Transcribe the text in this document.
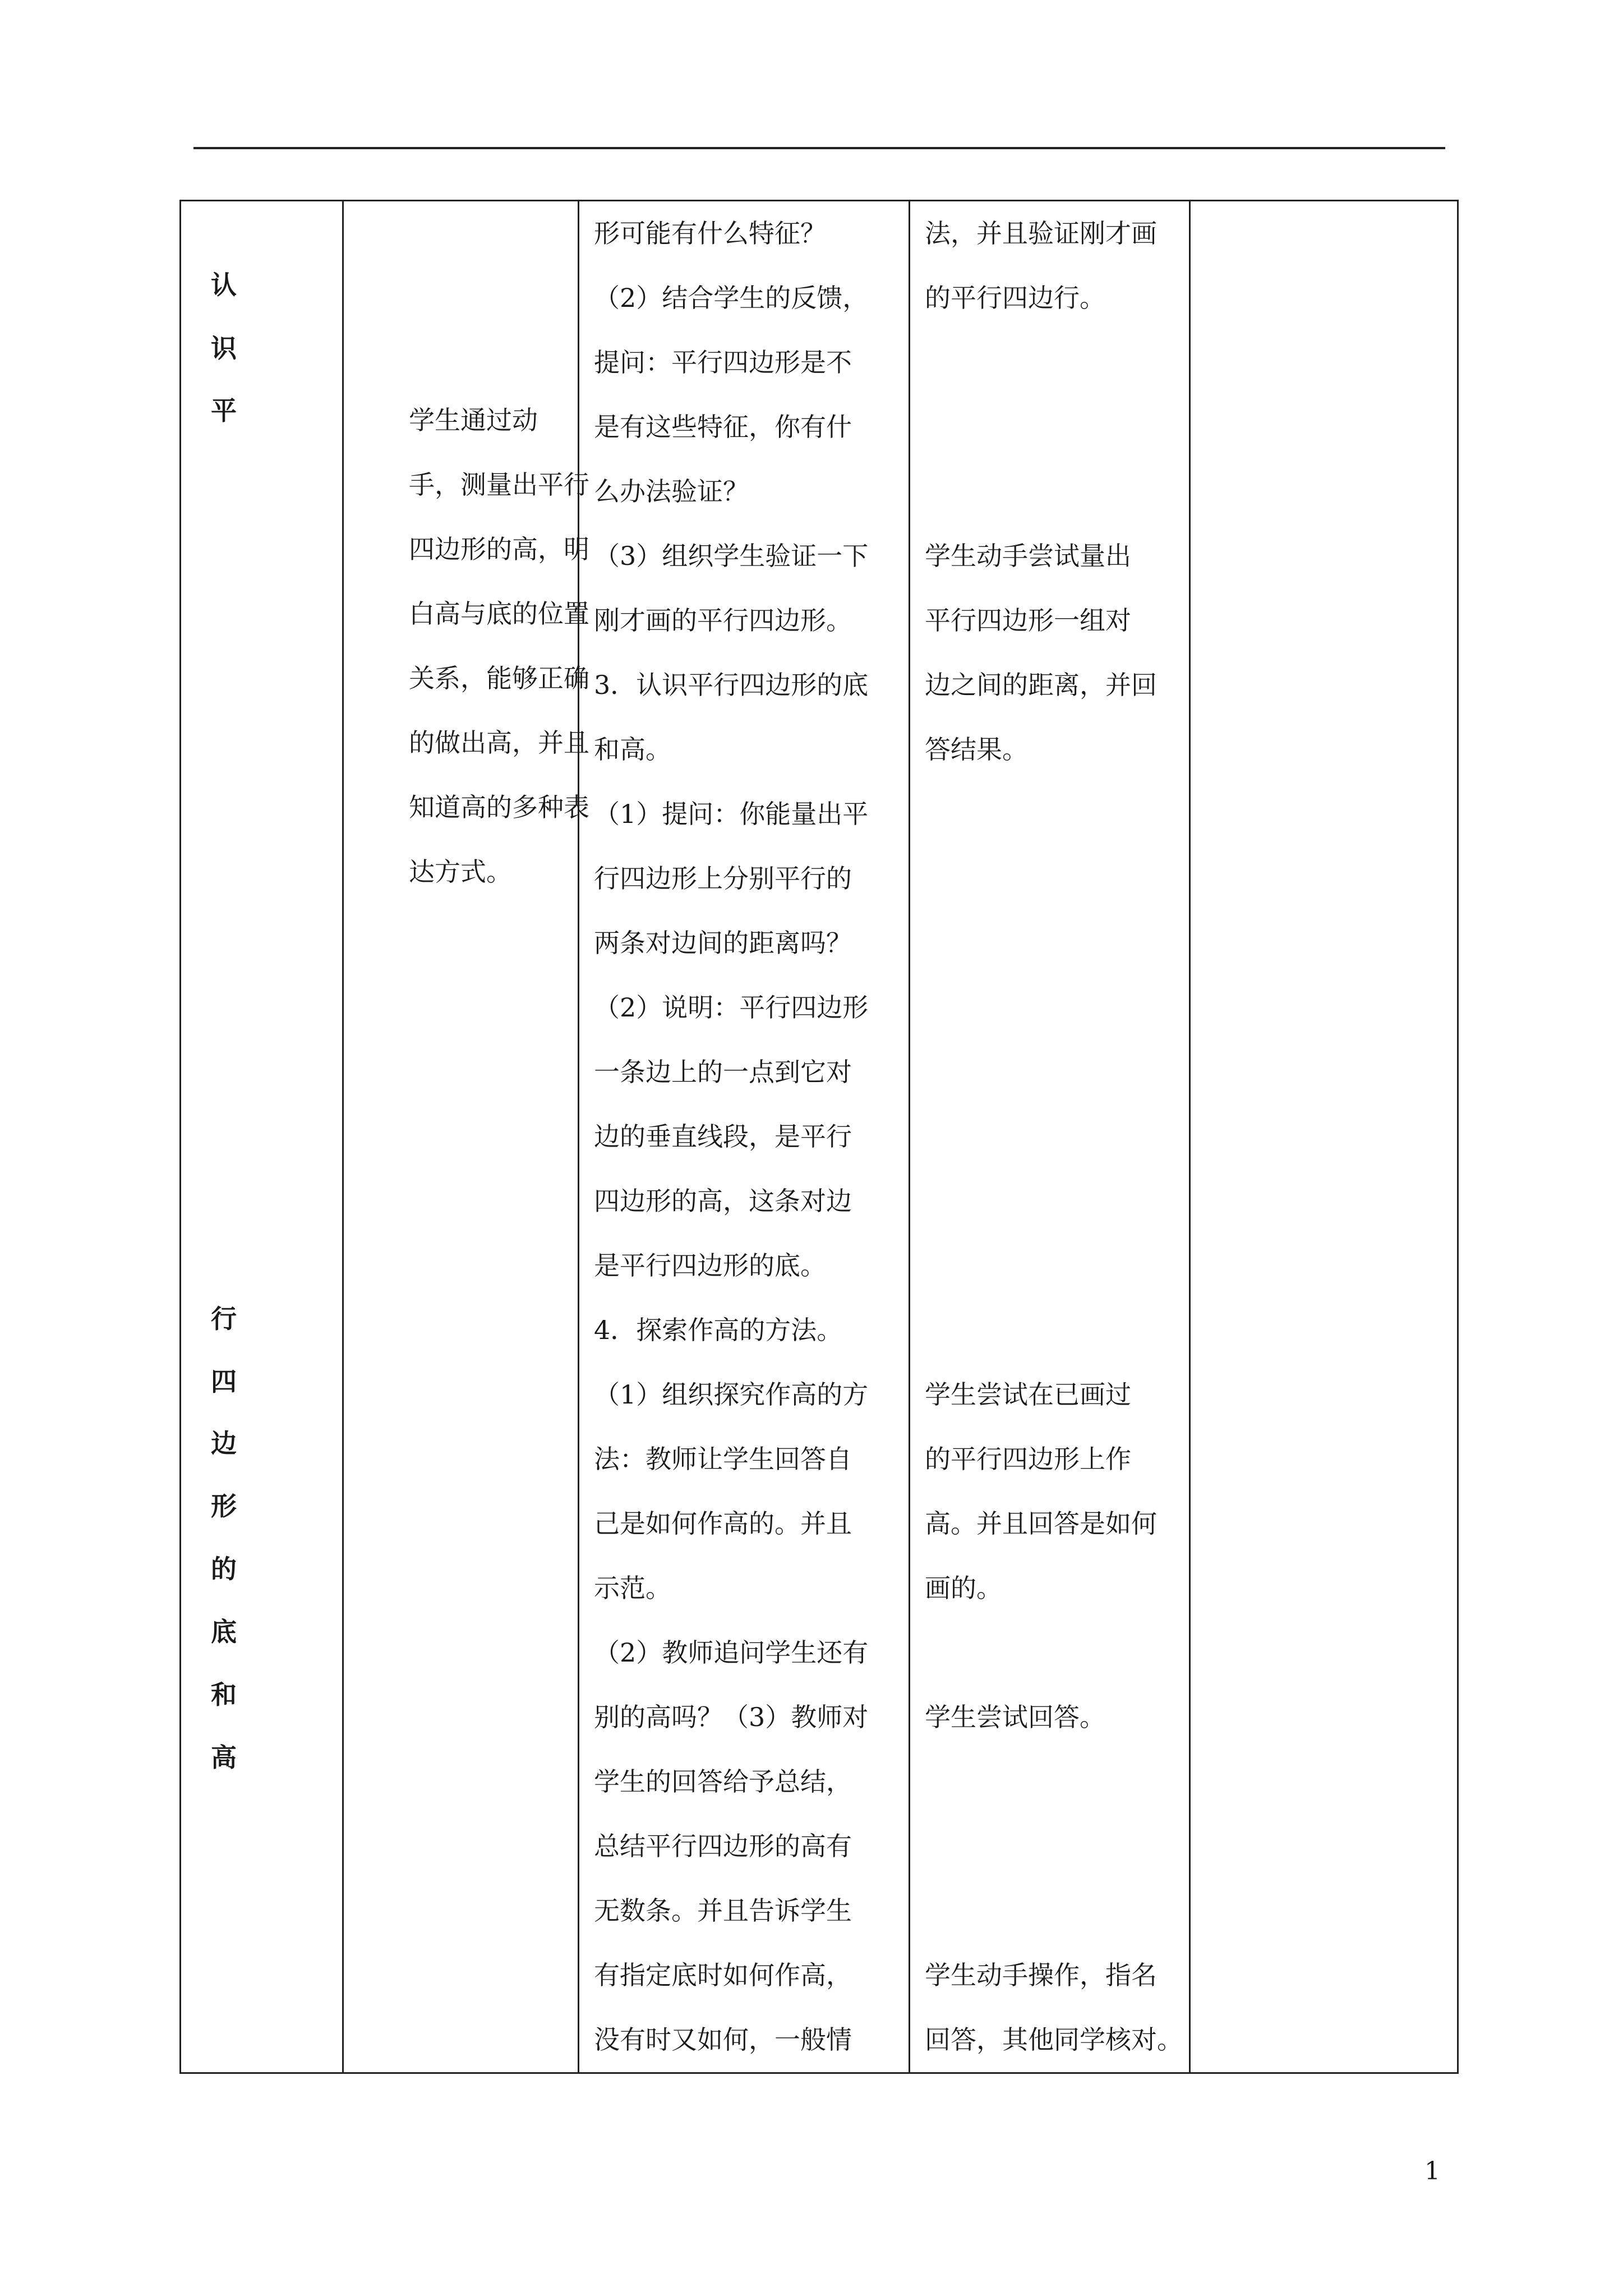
认
识
平
行
四
边
形
的
底
和
高

学生通过动
手，测量出平行
四边形的高，明
白高与底的位置
关系，能够正确
的做出高，并且
知道高的多种表
达方式。

形可能有什么特征？
（2）结合学生的反馈，
提问：平行四边形是不
是有这些特征，你有什
么办法验证？
（3）组织学生验证一下
刚才画的平行四边形。
3．认识平行四边形的底
和高。
（1）提问：你能量出平
行四边形上分别平行的
两条对边间的距离吗？
（2）说明：平行四边形
一条边上的一点到它对
边的垂直线段，是平行
四边形的高，这条对边
是平行四边形的底。
4．探索作高的方法。
（1）组织探究作高的方
法：教师让学生回答自
己是如何作高的。并且
示范。
（2）教师追问学生还有
别的高吗？（3）教师对
学生的回答给予总结，
总结平行四边形的高有
无数条。并且告诉学生
有指定底时如何作高，
没有时又如何，一般情

法，并且验证刚才画
的平行四边行。
学生动手尝试量出
平行四边形一组对
边之间的距离，并回
答结果。
学生尝试在已画过
的平行四边形上作
高。并且回答是如何
画的。
学生尝试回答。
学生动手操作，指名
回答，其他同学核对。

1
